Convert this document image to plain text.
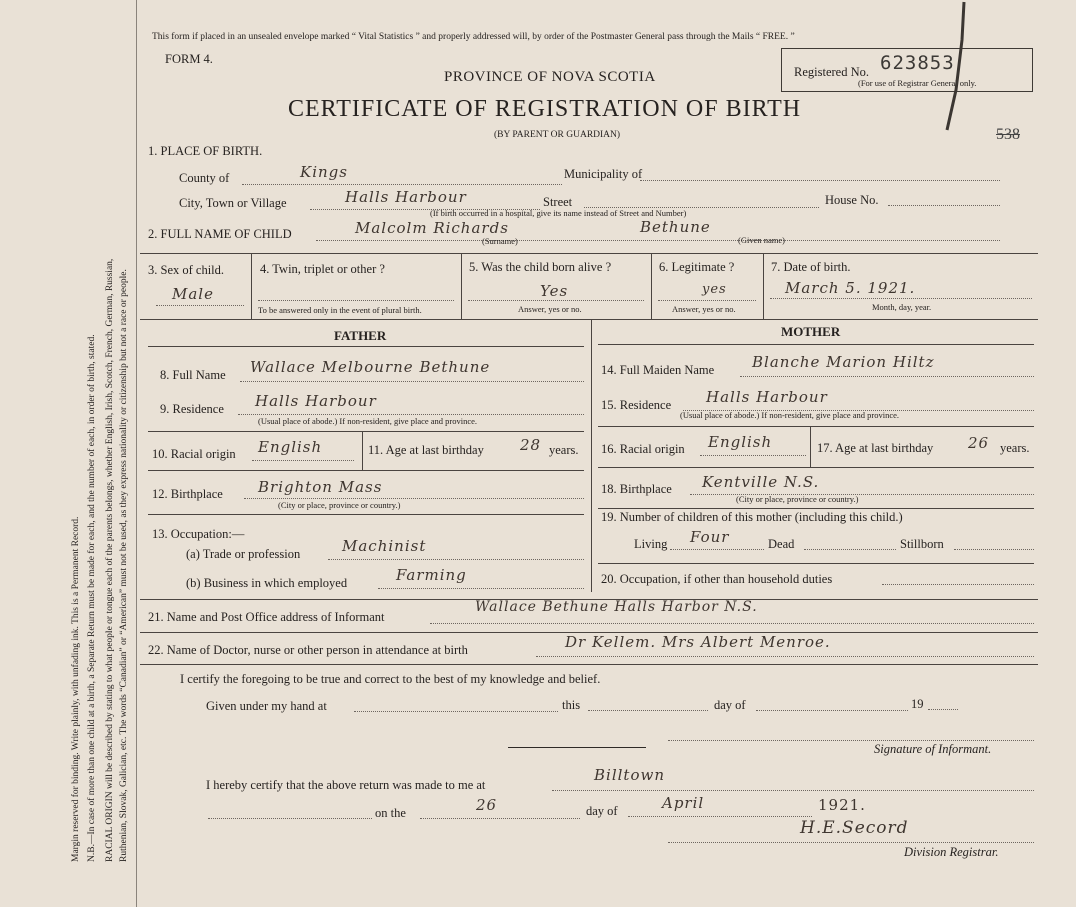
Margin reserved for binding. Write plainly, with unfading ink. This is a Permanent Record. N.B.—In case of more than one child at a birth, a Separate Return must be made for each, and the number of each, in order of birth, stated. RACIAL ORIGIN will be described by stating to what people or tongue each of the parents belongs, whether English, Irish, Scotch, French, German, Russian, Ruthenian, Slovak, Galician, etc. The words “Canadian” or “American” must not be used, as they express nationality or citizenship but not a race or people.
This form if placed in an unsealed envelope marked “ Vital Statistics ” and properly addressed will, by order of the Postmaster General pass through the Mails “ FREE. ”
FORM 4.
PROVINCE OF NOVA SCOTIA
CERTIFICATE OF REGISTRATION OF BIRTH
(BY PARENT OR GUARDIAN)
Registered No. 623853
(For use of Registrar General only.
538
1. PLACE OF BIRTH.
County of	Kings	Municipality of
City, Town or Village	Halls Harbour	Street	House No.
(If birth occurred in a hospital, give its name instead of Street and Number)
2. FULL NAME OF CHILD	Malcolm Richards
(Surname)
Bethune
(Given name)
3. Sex of child.
Male
4. Twin, triplet or other ?
To be answered only in the event of plural birth.
5. Was the child born alive ?
Yes
Answer, yes or no.
6. Legitimate ?
yes
Answer, yes or no.
7. Date of birth.
March 5. 1921.
Month, day, year.
FATHER	MOTHER
8. Full Name Wallace Melbourne Bethune
9. Residence Halls Harbour
(Usual place of abode.) If non-resident, give place and province.
10. Racial origin English	11. Age at last birthday 28 years.
12. Birthplace Brighton Mass
(City or place, province or country.)
13. Occupation:—
(a) Trade or profession	Machinist
(b) Business in which employed	Farming
14. Full Maiden Name	Blanche Marion Hiltz
15. Residence Halls Harbour
(Usual place of abode.) If non-resident, give place and province.
16. Racial origin English	17. Age at last birthday 26 years.
18. Birthplace Kentville N.S.
(City or place, province or country.)
19. Number of children of this mother (including this child.)
Living Four	Dead	Stillborn
20. Occupation, if other than household duties
21. Name and Post Office address of Informant
Wallace Bethune Halls Harbor N.S.
22. Name of Doctor, nurse or other person in attendance at birth	Dr Kellem. Mrs Albert Menroe.
I certify the foregoing to be true and correct to the best of my knowledge and belief.
Given under my hand at	this	day of	19
Signature of Informant.
I hereby certify that the above return was made to me at
Billtown
on the	26	day of	April	1921.
H.E.Secord
Division Registrar.
